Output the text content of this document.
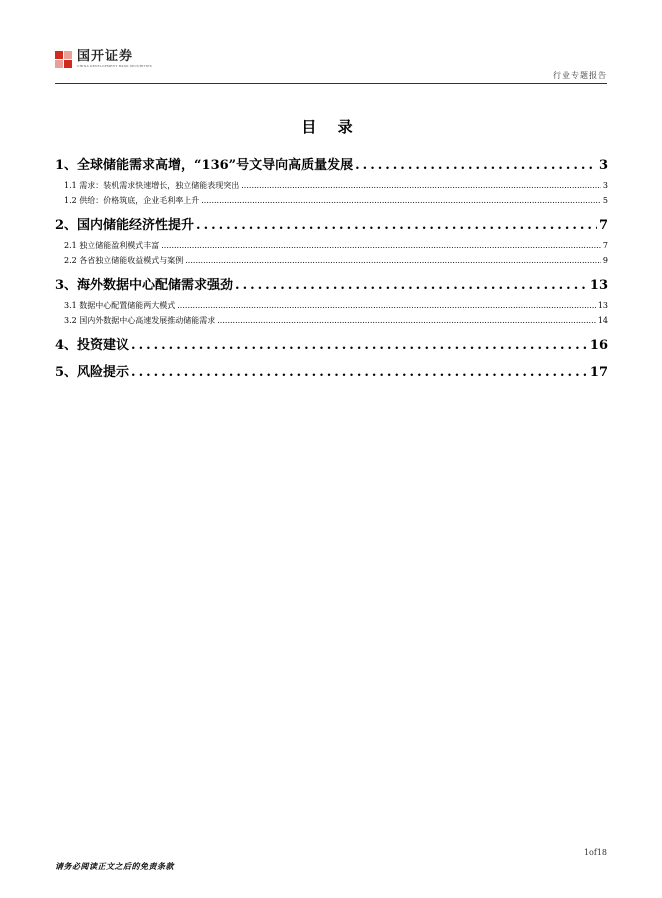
国开证券
CHINA DEVELOPMENT BANK SECURITIES
行业专题报告
目 录
1、全球储能需求高增，“136”号文导向高质量发展 .....	3
1.1 需求：装机需求快速增长，独立储能表现突出 .....	3
1.2 供给：价格筑底，企业毛利率上升 .....	5
2、国内储能经济性提升 .....	7
2.1 独立储能盈利模式丰富 .....	7
2.2 各省独立储能收益模式与案例 .....	9
3、海外数据中心配储需求强劲 .....	13
3.1 数据中心配置储能两大模式 .....	13
3.2 国内外数据中心高速发展推动储能需求 .....	14
4、投资建议 .....	16
5、风险提示 .....	17
1of18
请务必阅读正文之后的免责条款
